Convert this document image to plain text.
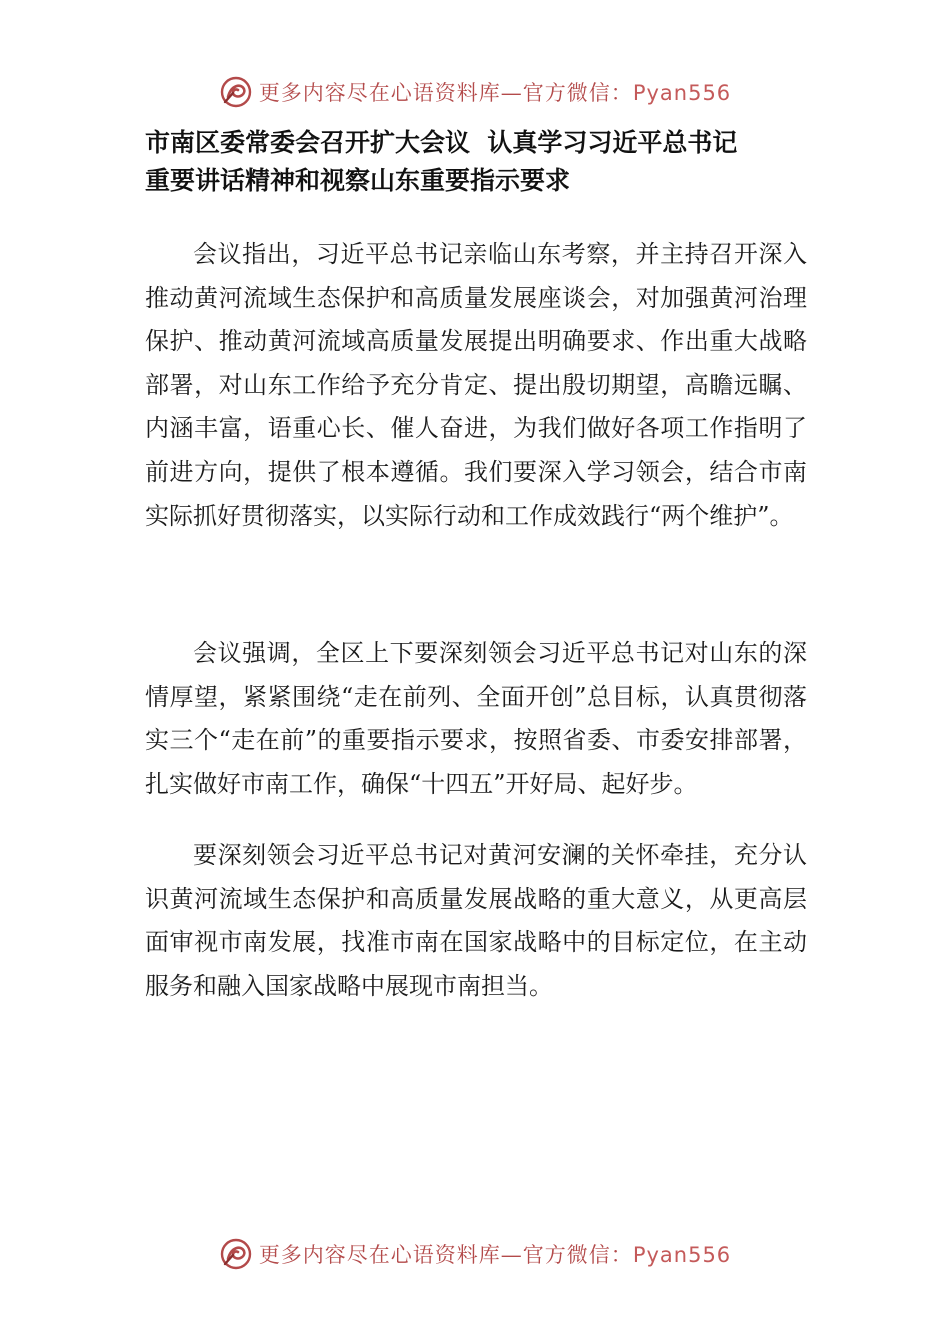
更多内容尽在心语资料库—官方微信：Pyan556
市南区委常委会召开扩大会议  认真学习习近平总书记
重要讲话精神和视察山东重要指示要求

会议指出，习近平总书记亲临山东考察，并主持召开深入推动黄河流域生态保护和高质量发展座谈会，对加强黄河治理保护、推动黄河流域高质量发展提出明确要求、作出重大战略部署，对山东工作给予充分肯定、提出殷切期望，高瞻远瞩、内涵丰富，语重心长、催人奋进，为我们做好各项工作指明了前进方向，提供了根本遵循。我们要深入学习领会，结合市南实际抓好贯彻落实，以实际行动和工作成效践行“两个维护”。

会议强调，全区上下要深刻领会习近平总书记对山东的深情厚望，紧紧围绕“走在前列、全面开创”总目标，认真贯彻落实三个“走在前”的重要指示要求，按照省委、市委安排部署，扎实做好市南工作，确保“十四五”开好局、起好步。

要深刻领会习近平总书记对黄河安澜的关怀牵挂，充分认识黄河流域生态保护和高质量发展战略的重大意义，从更高层面审视市南发展，找准市南在国家战略中的目标定位，在主动服务和融入国家战略中展现市南担当。

更多内容尽在心语资料库—官方微信：Pyan556
